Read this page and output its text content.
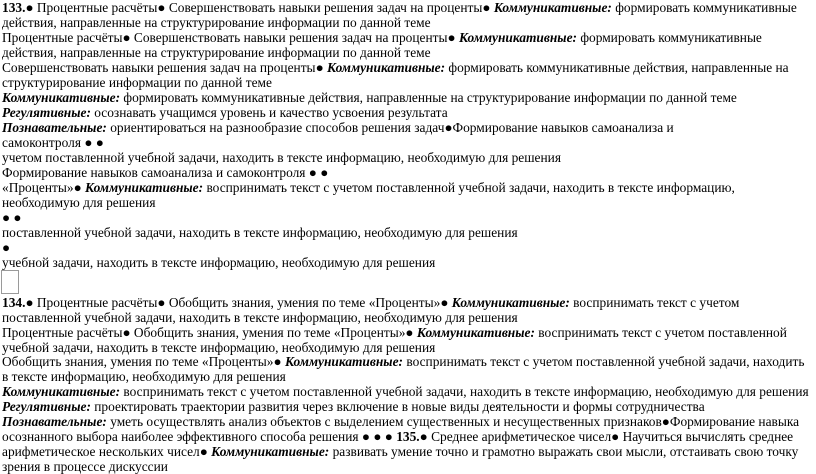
133.● Процентные расчёты● Совершенствовать навыки решения задач на проценты● Коммуникативные: формировать коммуникативные действия, направленные на структурирование информации по данной теме
Процентные расчёты● Совершенствовать навыки решения задач на проценты● Коммуникативные: формировать коммуникативные действия, направленные на структурирование информации по данной теме
Совершенствовать навыки решения задач на проценты● Коммуникативные: формировать коммуникативные действия, направленные на структурирование информации по данной теме
Коммуникативные: формировать коммуникативные действия, направленные на структурирование информации по данной теме
Регулятивные: осознавать учащимся уровень и качество усвоения результата
Познавательные: ориентироваться на разнообразие способов решения задач●Формирование навыков самоанализа и самоконтроля ● ●
учетом поставленной учебной задачи, находить в тексте информацию, необходимую для решения
Формирование навыков самоанализа и самоконтроля ● ●
«Проценты»● Коммуникативные: воспринимать текст с учетом поставленной учебной задачи, находить в тексте информацию, необходимую для решения
● ●
поставленной учебной задачи, находить в тексте информацию, необходимую для решения
●
учебной задачи, находить в тексте информацию, необходимую для решения
134.● Процентные расчёты● Обобщить знания, умения по теме «Проценты»● Коммуникативные: воспринимать текст с учетом поставленной учебной задачи, находить в тексте информацию, необходимую для решения
Процентные расчёты● Обобщить знания, умения по теме «Проценты»● Коммуникативные: воспринимать текст с учетом поставленной учебной задачи, находить в тексте информацию, необходимую для решения
Обобщить знания, умения по теме «Проценты»● Коммуникативные: воспринимать текст с учетом поставленной учебной задачи, находить в тексте информацию, необходимую для решения
Коммуникативные: воспринимать текст с учетом поставленной учебной задачи, находить в тексте информацию, необходимую для решения
Регулятивные: проектировать траектории развития через включение в новые виды деятельности и формы сотрудничества
Познавательные: уметь осуществлять анализ объектов с выделением существенных и несущественных признаков●Формирование навыка осознанного выбора наиболее эффективного способа решения ● ● ● 135.● Среднее арифметическое чисел● Научиться вычислять среднее арифметическое нескольких чисел● Коммуникативные: развивать умение точно и грамотно выражать свои мысли, отстаивать свою точку зрения в процессе дискуссии
